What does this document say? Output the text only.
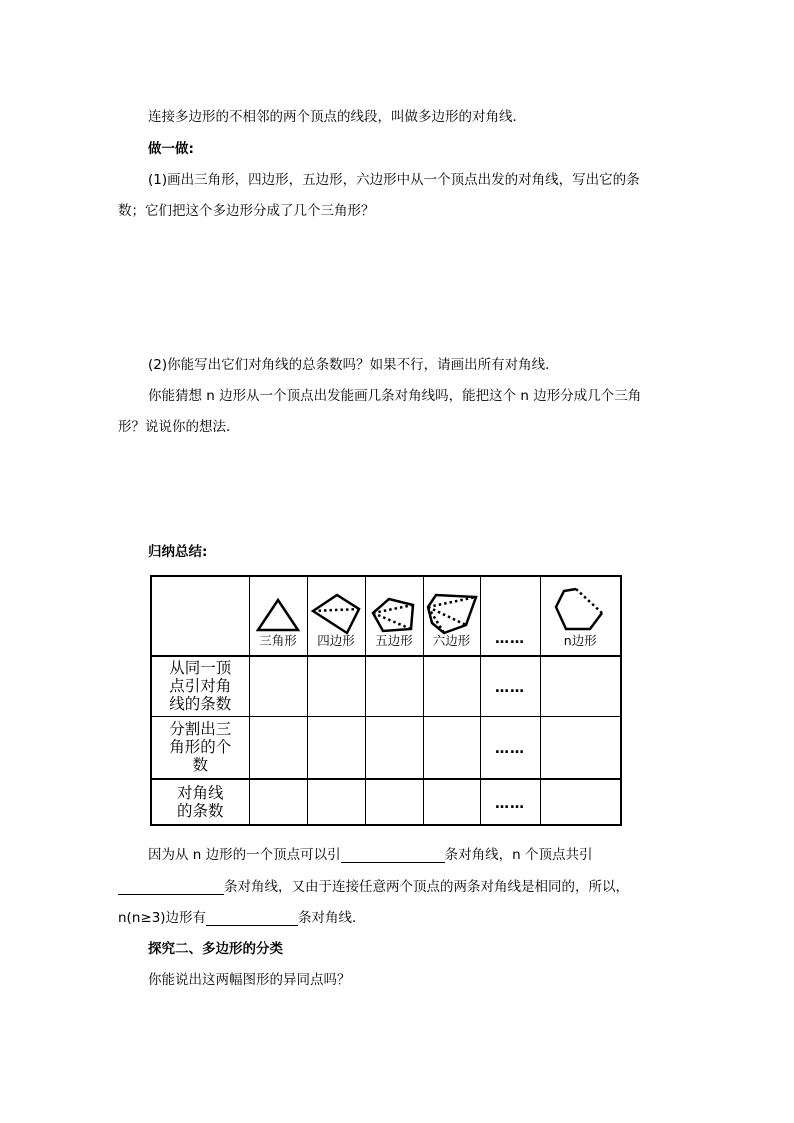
连接多边形的不相邻的两个顶点的线段，叫做多边形的对角线．
做一做:
(1)画出三角形，四边形，五边形，六边形中从一个顶点出发的对角线，写出它的条
数；它们把这个多边形分成了几个三角形？
(2)你能写出它们对角线的总条数吗？如果不行，请画出所有对角线．
你能猜想 n 边形从一个顶点出发能画几条对角线吗，能把这个 n 边形分成几个三角
形？说说你的想法．
归纳总结:

	三角形	四边形	五边形	六边形	……	n边形

从同一顶点引对角线的条数					……	
分割出三角形的个数					……	
对角线的条数					……	
因为从 n 边形的一个顶点可以引	条对角线，n 个顶点共引
条对角线，又由于连接任意两个顶点的两条对角线是相同的，所以，
n(n≥3)边形有	条对角线．
探究二、多边形的分类
你能说出这两幅图形的异同点吗？
